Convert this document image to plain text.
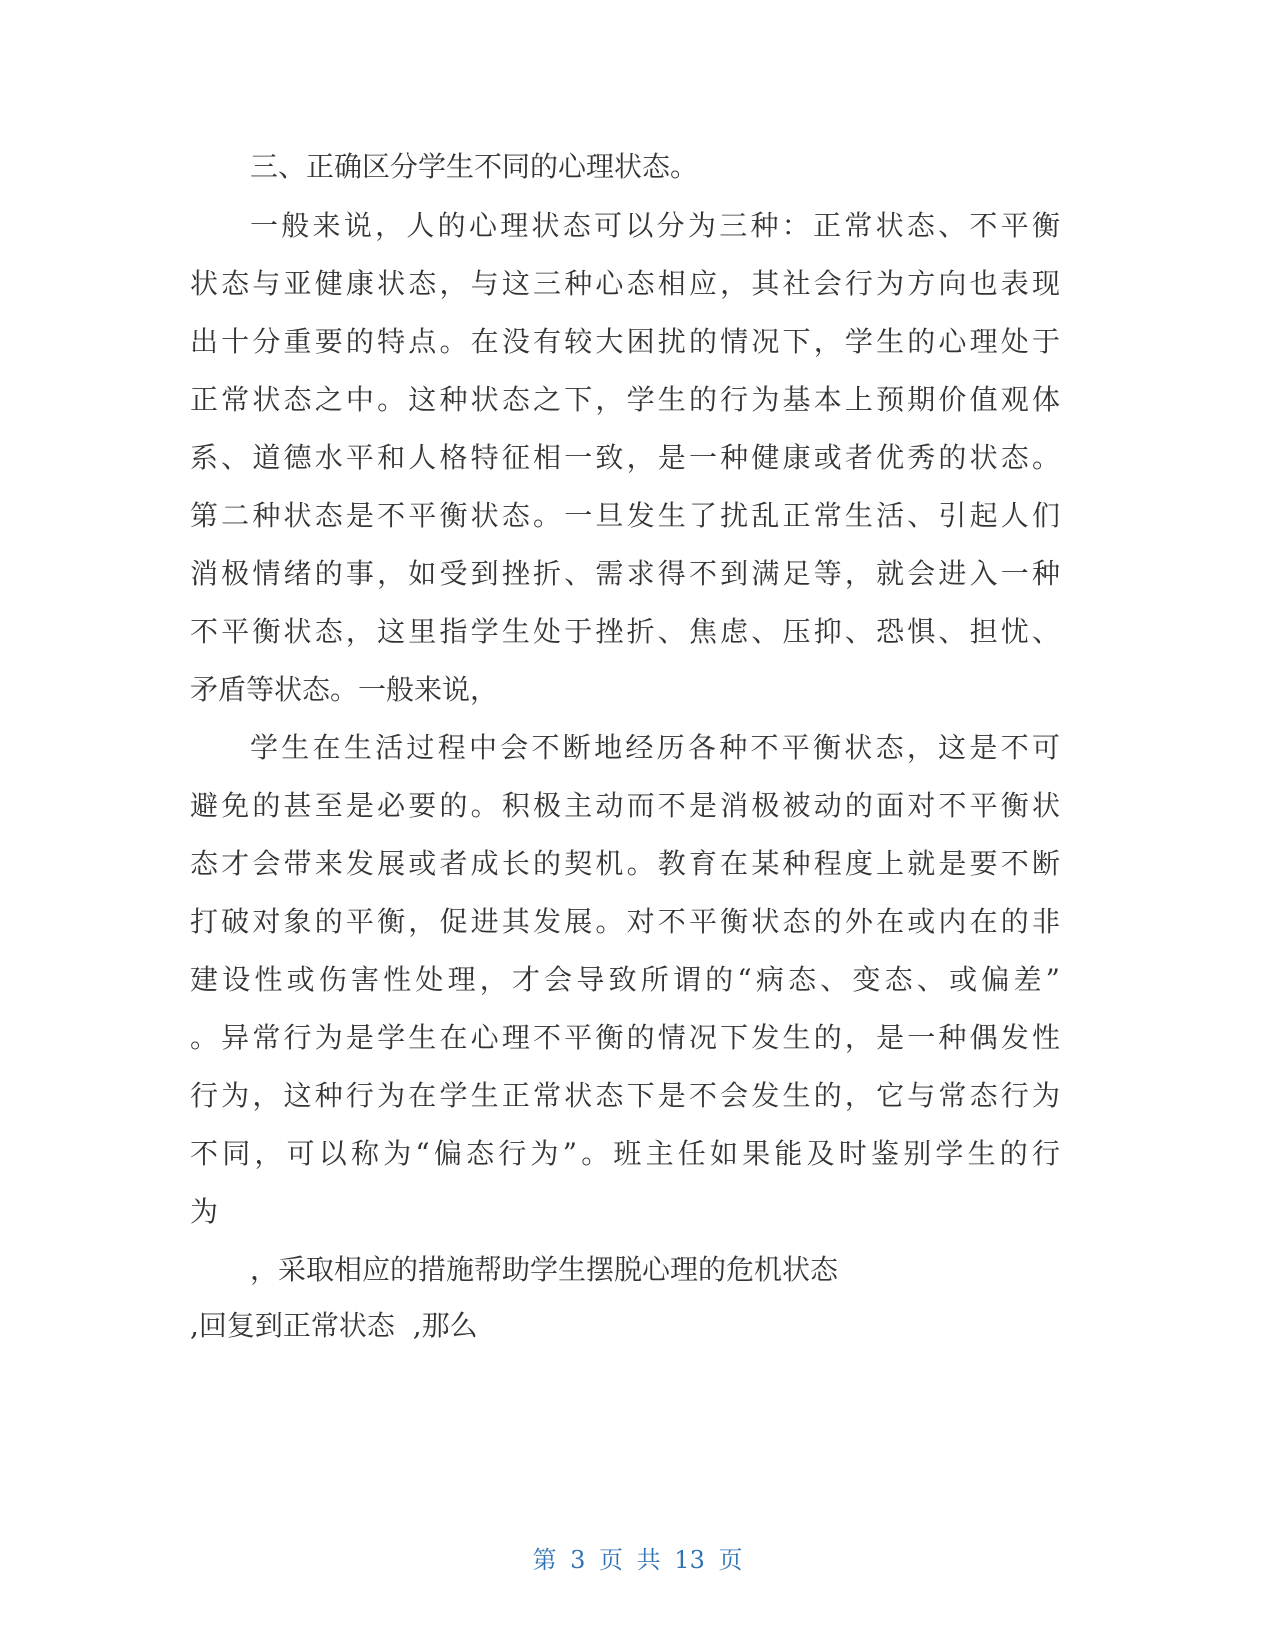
三、正确区分学生不同的心理状态。
一般来说，人的心理状态可以分为三种：正常状态、不平衡
状态与亚健康状态，与这三种心态相应，其社会行为方向也表现
出十分重要的特点。在没有较大困扰的情况下，学生的心理处于
正常状态之中。这种状态之下，学生的行为基本上预期价值观体
系、道德水平和人格特征相一致，是一种健康或者优秀的状态。
第二种状态是不平衡状态。一旦发生了扰乱正常生活、引起人们
消极情绪的事，如受到挫折、需求得不到满足等，就会进入一种
不平衡状态，这里指学生处于挫折、焦虑、压抑、恐惧、担忧、
矛盾等状态。一般来说，
学生在生活过程中会不断地经历各种不平衡状态，这是不可
避免的甚至是必要的。积极主动而不是消极被动的面对不平衡状
态才会带来发展或者成长的契机。教育在某种程度上就是要不断
打破对象的平衡，促进其发展。对不平衡状态的外在或内在的非
建设性或伤害性处理，才会导致所谓的“病态、变态、或偏差”
。异常行为是学生在心理不平衡的情况下发生的，是一种偶发性
行为，这种行为在学生正常状态下是不会发生的，它与常态行为
不同，可以称为“偏态行为”。班主任如果能及时鉴别学生的行
为
，采取相应的措施帮助学生摆脱心理的危机状态
,回复到正常状态  ,那么
第 3 页 共 13 页
